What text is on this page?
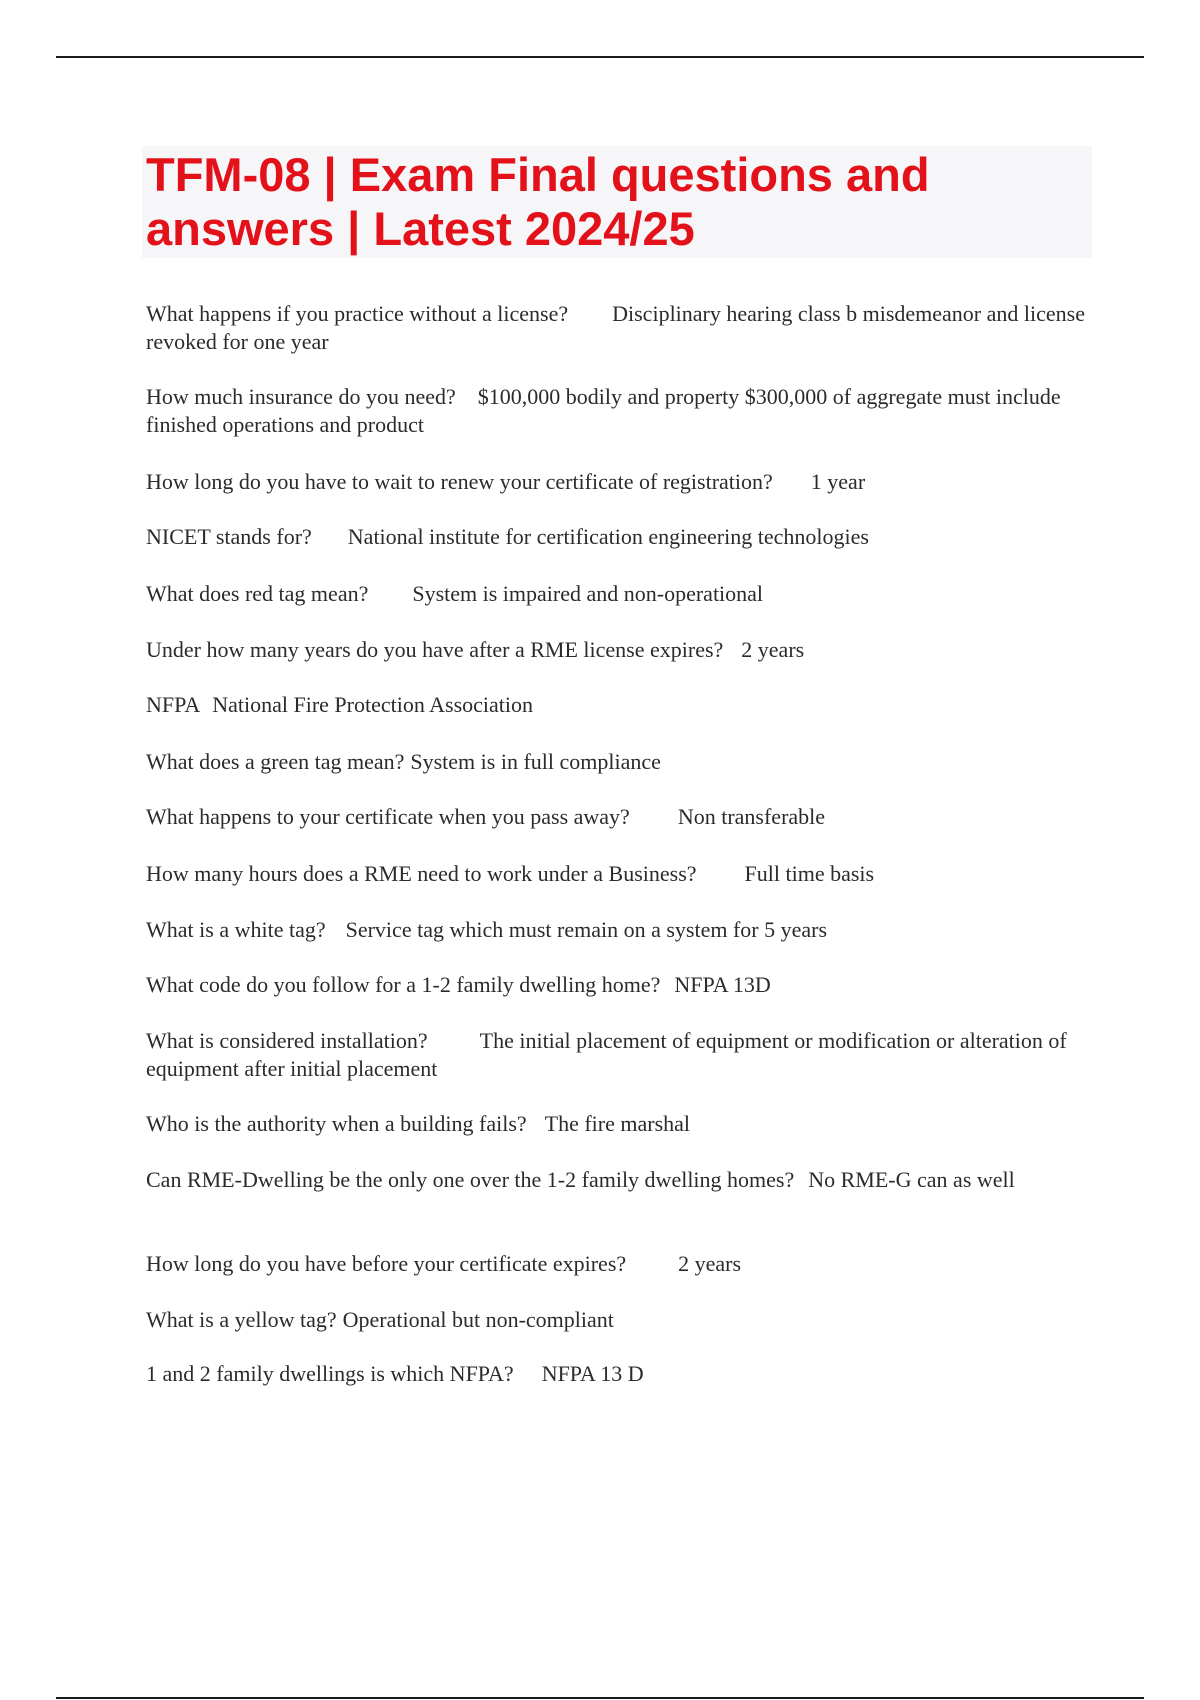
TFM-08 | Exam Final questions and answers | Latest 2024/25
What happens if you practice without a license? Disciplinary hearing class b misdemeanor and license revoked for one year
How much insurance do you need? $100,000 bodily and property $300,000 of aggregate must include finished operations and product
How long do you have to wait to renew your certificate of registration? 1 year
NICET stands for? National institute for certification engineering technologies
What does red tag mean? System is impaired and non-operational
Under how many years do you have after a RME license expires? 2 years
NFPA National Fire Protection Association
What does a green tag mean? System is in full compliance
What happens to your certificate when you pass away? Non transferable
How many hours does a RME need to work under a Business? Full time basis
What is a white tag? Service tag which must remain on a system for 5 years
What code do you follow for a 1-2 family dwelling home? NFPA 13D
What is considered installation? The initial placement of equipment or modification or alteration of equipment after initial placement
Who is the authority when a building fails? The fire marshal
Can RME-Dwelling be the only one over the 1-2 family dwelling homes? No RME-G can as well
How long do you have before your certificate expires? 2 years
What is a yellow tag? Operational but non-compliant
1 and 2 family dwellings is which NFPA? NFPA 13 D
